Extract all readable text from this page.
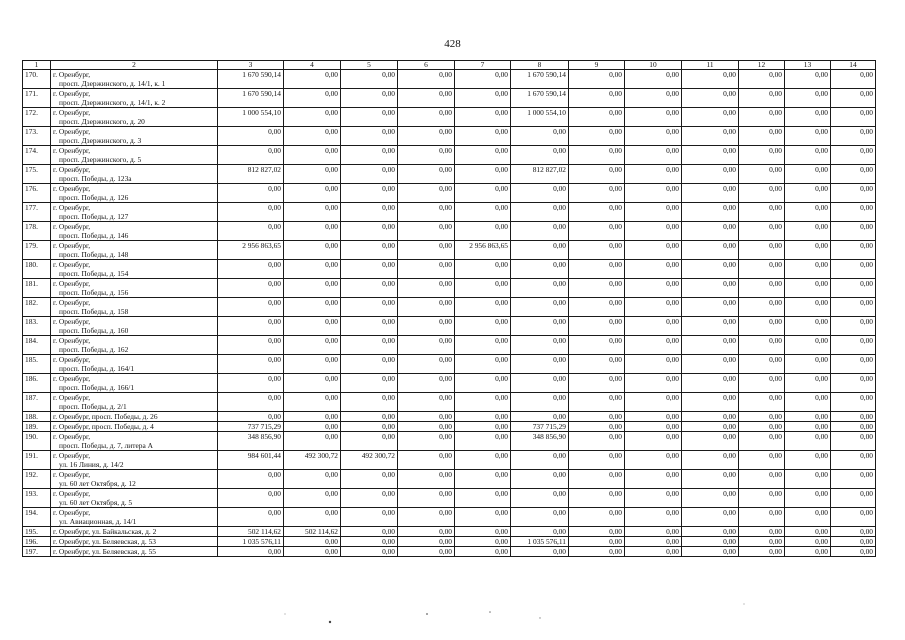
428
1	2	3	4	5	6	7	8	9	10	11	12	13	14
170.	г. Оренбург,
просп. Дзержинского, д. 14/1, к. 1	1 670 590,14	0,00	0,00	0,00	0,00	1 670 590,14	0,00	0,00	0,00	0,00	0,00	0,00
171.	г. Оренбург,
просп. Дзержинского, д. 14/1, к. 2	1 670 590,14	0,00	0,00	0,00	0,00	1 670 590,14	0,00	0,00	0,00	0,00	0,00	0,00
172.	г. Оренбург,
просп. Дзержинского, д. 20	1 000 554,10	0,00	0,00	0,00	0,00	1 000 554,10	0,00	0,00	0,00	0,00	0,00	0,00
173.	г. Оренбург,
просп. Дзержинского, д. 3	0,00	0,00	0,00	0,00	0,00	0,00	0,00	0,00	0,00	0,00	0,00	0,00
174.	г. Оренбург,
просп. Дзержинского, д. 5	0,00	0,00	0,00	0,00	0,00	0,00	0,00	0,00	0,00	0,00	0,00	0,00
175.	г. Оренбург,
просп. Победы, д. 123а	812 827,02	0,00	0,00	0,00	0,00	812 827,02	0,00	0,00	0,00	0,00	0,00	0,00
176.	г. Оренбург,
просп. Победы, д. 126	0,00	0,00	0,00	0,00	0,00	0,00	0,00	0,00	0,00	0,00	0,00	0,00
177.	г. Оренбург,
просп. Победы, д. 127	0,00	0,00	0,00	0,00	0,00	0,00	0,00	0,00	0,00	0,00	0,00	0,00
178.	г. Оренбург,
просп. Победы, д. 146	0,00	0,00	0,00	0,00	0,00	0,00	0,00	0,00	0,00	0,00	0,00	0,00
179.	г. Оренбург,
просп. Победы, д. 148	2 956 863,65	0,00	0,00	0,00	2 956 863,65	0,00	0,00	0,00	0,00	0,00	0,00	0,00
180.	г. Оренбург,
просп. Победы, д. 154	0,00	0,00	0,00	0,00	0,00	0,00	0,00	0,00	0,00	0,00	0,00	0,00
181.	г. Оренбург,
просп. Победы, д. 156	0,00	0,00	0,00	0,00	0,00	0,00	0,00	0,00	0,00	0,00	0,00	0,00
182.	г. Оренбург,
просп. Победы, д. 158	0,00	0,00	0,00	0,00	0,00	0,00	0,00	0,00	0,00	0,00	0,00	0,00
183.	г. Оренбург,
просп. Победы, д. 160	0,00	0,00	0,00	0,00	0,00	0,00	0,00	0,00	0,00	0,00	0,00	0,00
184.	г. Оренбург,
просп. Победы, д. 162	0,00	0,00	0,00	0,00	0,00	0,00	0,00	0,00	0,00	0,00	0,00	0,00
185.	г. Оренбург,
просп. Победы, д. 164/1	0,00	0,00	0,00	0,00	0,00	0,00	0,00	0,00	0,00	0,00	0,00	0,00
186.	г. Оренбург,
просп. Победы, д. 166/1	0,00	0,00	0,00	0,00	0,00	0,00	0,00	0,00	0,00	0,00	0,00	0,00
187.	г. Оренбург,
просп. Победы, д. 2/1	0,00	0,00	0,00	0,00	0,00	0,00	0,00	0,00	0,00	0,00	0,00	0,00
188.	г. Оренбург, просп. Победы, д. 26	0,00	0,00	0,00	0,00	0,00	0,00	0,00	0,00	0,00	0,00	0,00	0,00
189.	г. Оренбург, просп. Победы, д. 4	737 715,29	0,00	0,00	0,00	0,00	737 715,29	0,00	0,00	0,00	0,00	0,00	0,00
190.	г. Оренбург,
просп. Победы, д. 7, литера А	348 856,90	0,00	0,00	0,00	0,00	348 856,90	0,00	0,00	0,00	0,00	0,00	0,00
191.	г. Оренбург,
ул. 16 Линия, д. 14/2	984 601,44	492 300,72	492 300,72	0,00	0,00	0,00	0,00	0,00	0,00	0,00	0,00	0,00
192.	г. Оренбург,
ул. 60 лет Октября, д. 12	0,00	0,00	0,00	0,00	0,00	0,00	0,00	0,00	0,00	0,00	0,00	0,00
193.	г. Оренбург,
ул. 60 лет Октября, д. 5	0,00	0,00	0,00	0,00	0,00	0,00	0,00	0,00	0,00	0,00	0,00	0,00
194.	г. Оренбург,
ул. Авиационная, д. 14/1	0,00	0,00	0,00	0,00	0,00	0,00	0,00	0,00	0,00	0,00	0,00	0,00
195.	г. Оренбург, ул. Байкальская, д. 2	502 114,62	502 114,62	0,00	0,00	0,00	0,00	0,00	0,00	0,00	0,00	0,00	0,00
196.	г. Оренбург, ул. Беляевская, д. 53	1 035 576,11	0,00	0,00	0,00	0,00	1 035 576,11	0,00	0,00	0,00	0,00	0,00	0,00
197.	г. Оренбург, ул. Беляевская, д. 55	0,00	0,00	0,00	0,00	0,00	0,00	0,00	0,00	0,00	0,00	0,00	0,00
